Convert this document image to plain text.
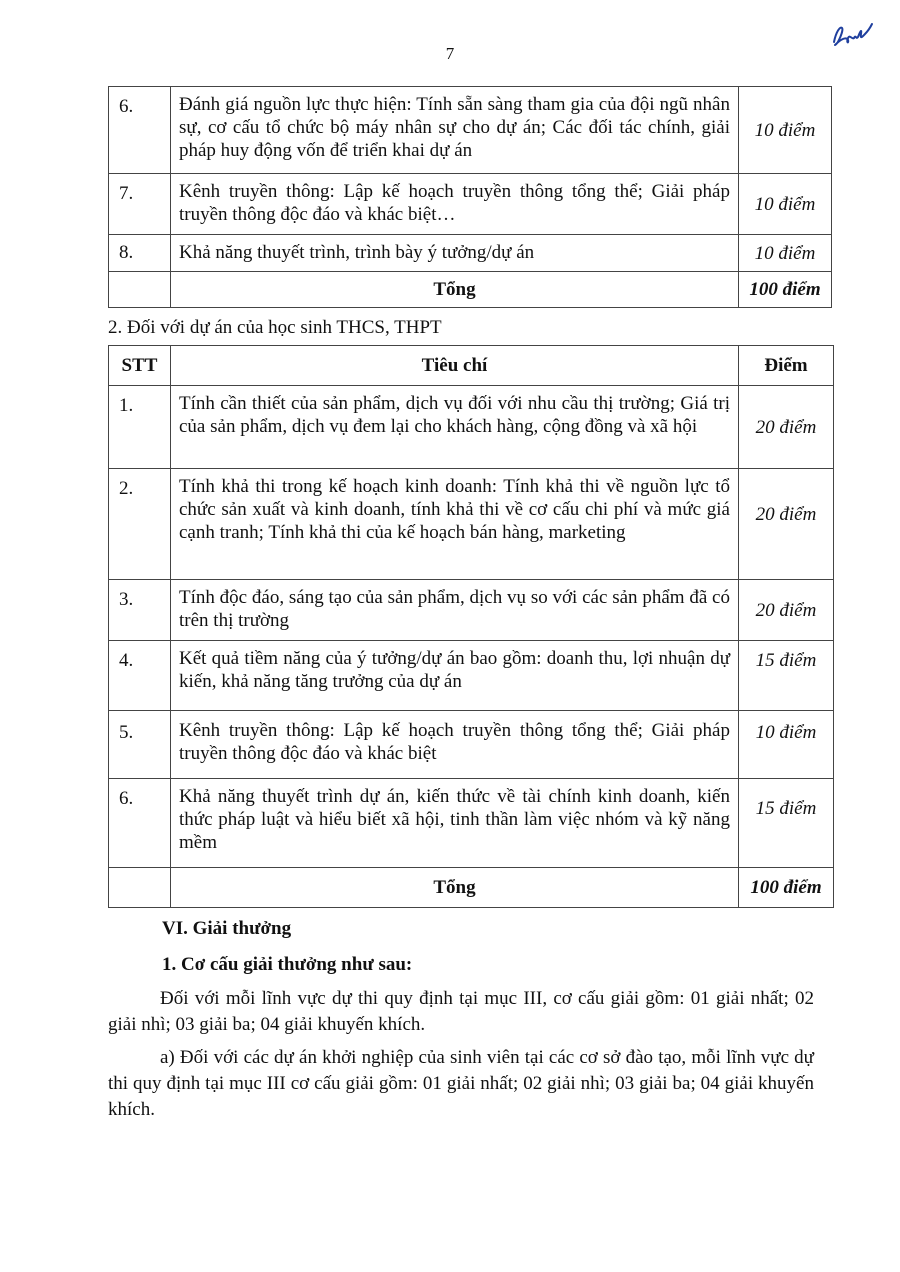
7
6.	Đánh giá nguồn lực thực hiện: Tính sẵn sàng tham gia của đội ngũ nhân sự, cơ cấu tổ chức bộ máy nhân sự cho dự án; Các đối tác chính, giải pháp huy động vốn để triển khai dự án	10 điểm
7.	Kênh truyền thông: Lập kế hoạch truyền thông tổng thể; Giải pháp truyền thông độc đáo và khác biệt…	10 điểm
8.	Khả năng thuyết trình, trình bày ý tưởng/dự án	10 điểm
	Tổng	100 điểm
2. Đối với dự án của học sinh THCS, THPT
STT	Tiêu chí	Điểm
1.	Tính cần thiết của sản phẩm, dịch vụ đối với nhu cầu thị trường; Giá trị của sản phẩm, dịch vụ đem lại cho khách hàng, cộng đồng và xã hội	20 điểm
2.	Tính khả thi trong kế hoạch kinh doanh: Tính khả thi về nguồn lực tổ chức sản xuất và kinh doanh, tính khả thi về cơ cấu chi phí và mức giá cạnh tranh; Tính khả thi của kế hoạch bán hàng, marketing	20 điểm
3.	Tính độc đáo, sáng tạo của sản phẩm, dịch vụ so với các sản phẩm đã có trên thị trường	20 điểm
4.	Kết quả tiềm năng của ý tưởng/dự án bao gồm: doanh thu, lợi nhuận dự kiến, khả năng tăng trưởng của dự án	15 điểm
5.	Kênh truyền thông: Lập kế hoạch truyền thông tổng thể; Giải pháp truyền thông độc đáo và khác biệt	10 điểm
6.	Khả năng thuyết trình dự án, kiến thức về tài chính kinh doanh, kiến thức pháp luật và hiểu biết xã hội, tinh thần làm việc nhóm và kỹ năng mềm	15 điểm
	Tổng	100 điểm
VI. Giải thưởng
1. Cơ cấu giải thưởng như sau:
Đối với mỗi lĩnh vực dự thi quy định tại mục III, cơ cấu giải gồm: 01 giải nhất; 02 giải nhì; 03 giải ba; 04 giải khuyến khích.
a) Đối với các dự án khởi nghiệp của sinh viên tại các cơ sở đào tạo, mỗi lĩnh vực dự thi quy định tại mục III cơ cấu giải gồm: 01 giải nhất; 02 giải nhì; 03 giải ba; 04 giải khuyến khích.
